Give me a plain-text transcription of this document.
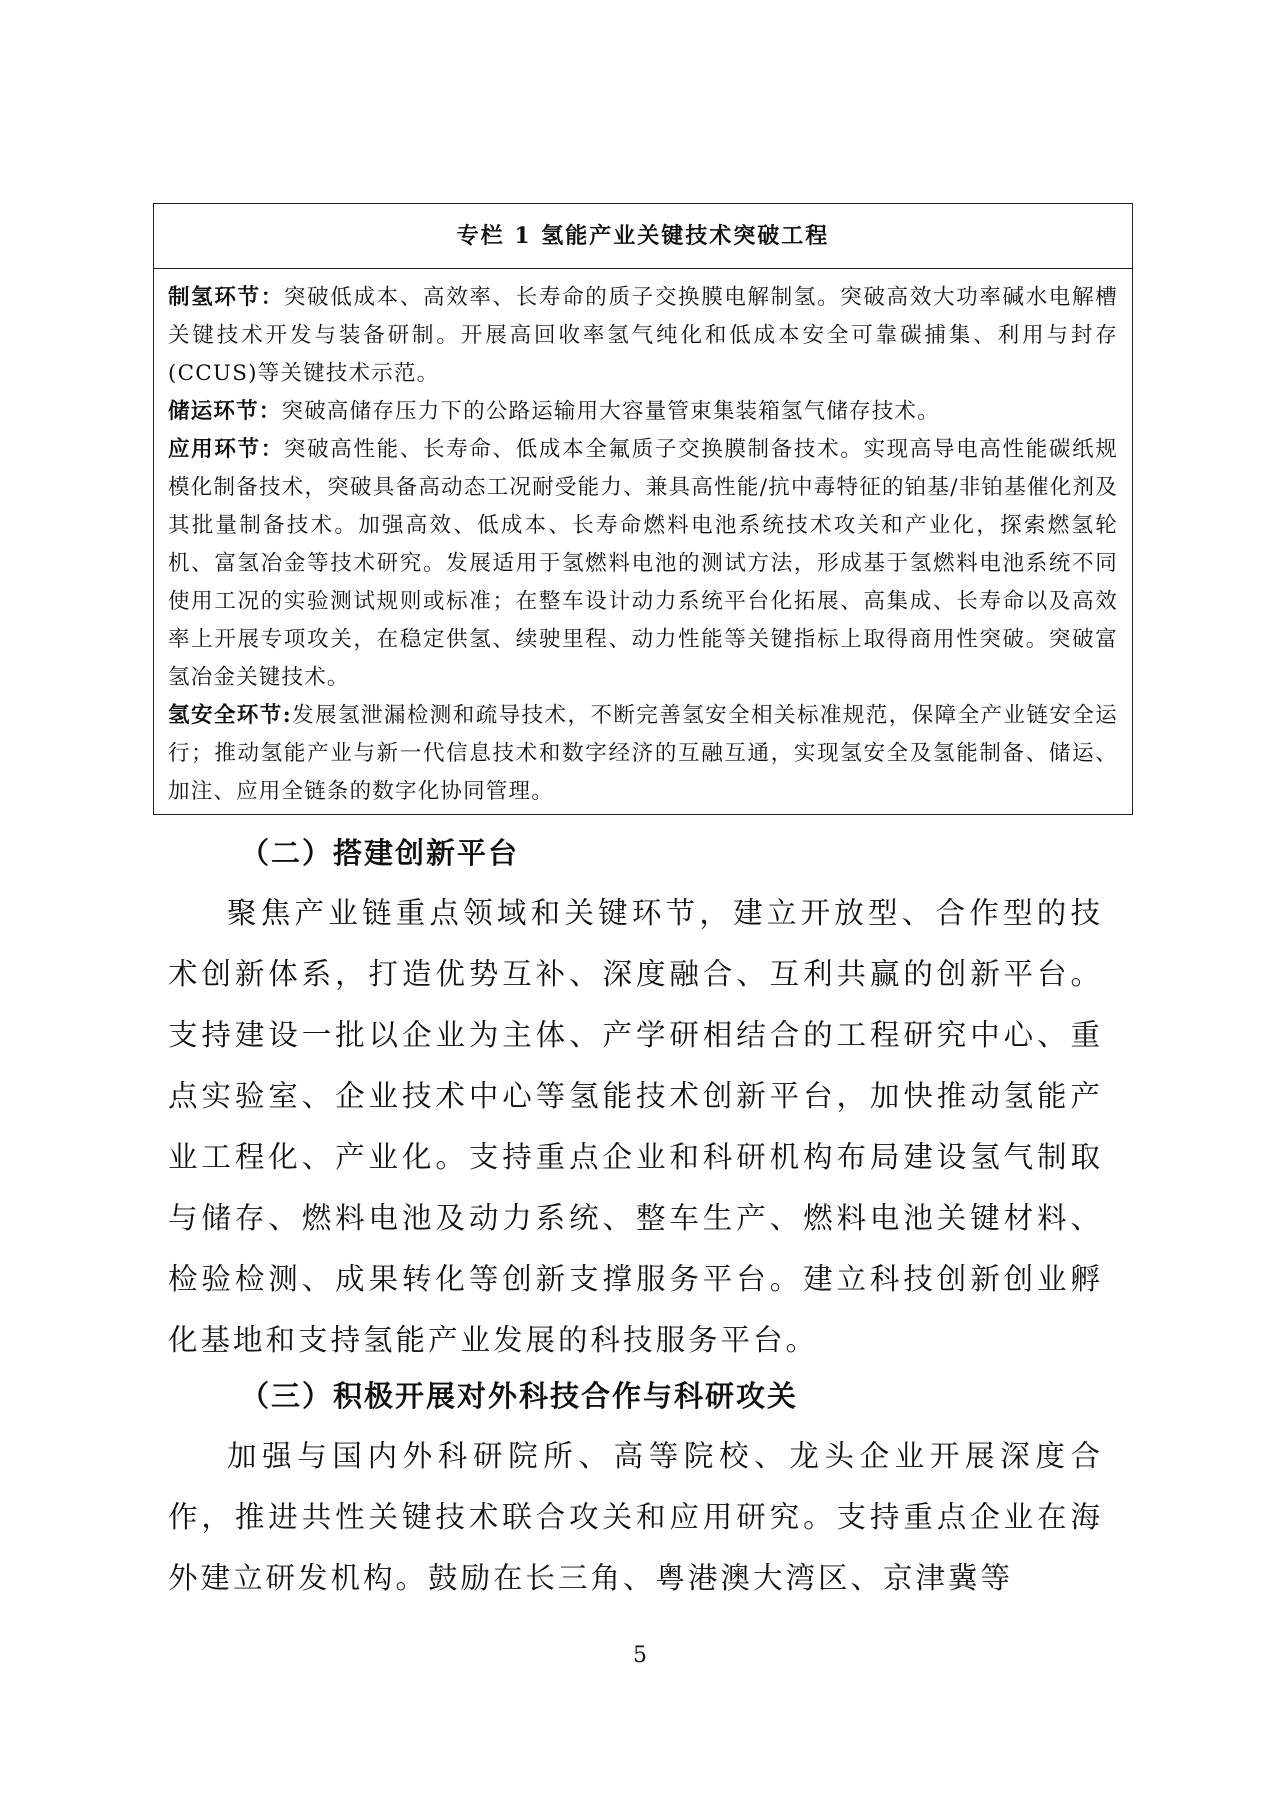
专栏 1 氢能产业关键技术突破工程

制氢环节：突破低成本、高效率、长寿命的质子交换膜电解制氢。突破高效大功率碱水电解槽关键技术开发与装备研制。开展高回收率氢气纯化和低成本安全可靠碳捕集、利用与封存(CCUS)等关键技术示范。

储运环节：突破高储存压力下的公路运输用大容量管束集装箱氢气储存技术。

应用环节：突破高性能、长寿命、低成本全氟质子交换膜制备技术。实现高导电高性能碳纸规模化制备技术，突破具备高动态工况耐受能力、兼具高性能/抗中毒特征的铂基/非铂基催化剂及其批量制备技术。加强高效、低成本、长寿命燃料电池系统技术攻关和产业化，探索燃氢轮机、富氢冶金等技术研究。发展适用于氢燃料电池的测试方法，形成基于氢燃料电池系统不同使用工况的实验测试规则或标准；在整车设计动力系统平台化拓展、高集成、长寿命以及高效率上开展专项攻关，在稳定供氢、续驶里程、动力性能等关键指标上取得商用性突破。突破富氢冶金关键技术。

氢安全环节:发展氢泄漏检测和疏导技术，不断完善氢安全相关标准规范，保障全产业链安全运行；推动氢能产业与新一代信息技术和数字经济的互融互通，实现氢安全及氢能制备、储运、加注、应用全链条的数字化协同管理。

（二）搭建创新平台

聚焦产业链重点领域和关键环节，建立开放型、合作型的技术创新体系，打造优势互补、深度融合、互利共赢的创新平台。支持建设一批以企业为主体、产学研相结合的工程研究中心、重点实验室、企业技术中心等氢能技术创新平台，加快推动氢能产业工程化、产业化。支持重点企业和科研机构布局建设氢气制取与储存、燃料电池及动力系统、整车生产、燃料电池关键材料、检验检测、成果转化等创新支撑服务平台。建立科技创新创业孵化基地和支持氢能产业发展的科技服务平台。

（三）积极开展对外科技合作与科研攻关

加强与国内外科研院所、高等院校、龙头企业开展深度合作，推进共性关键技术联合攻关和应用研究。支持重点企业在海外建立研发机构。鼓励在长三角、粤港澳大湾区、京津冀等

5
